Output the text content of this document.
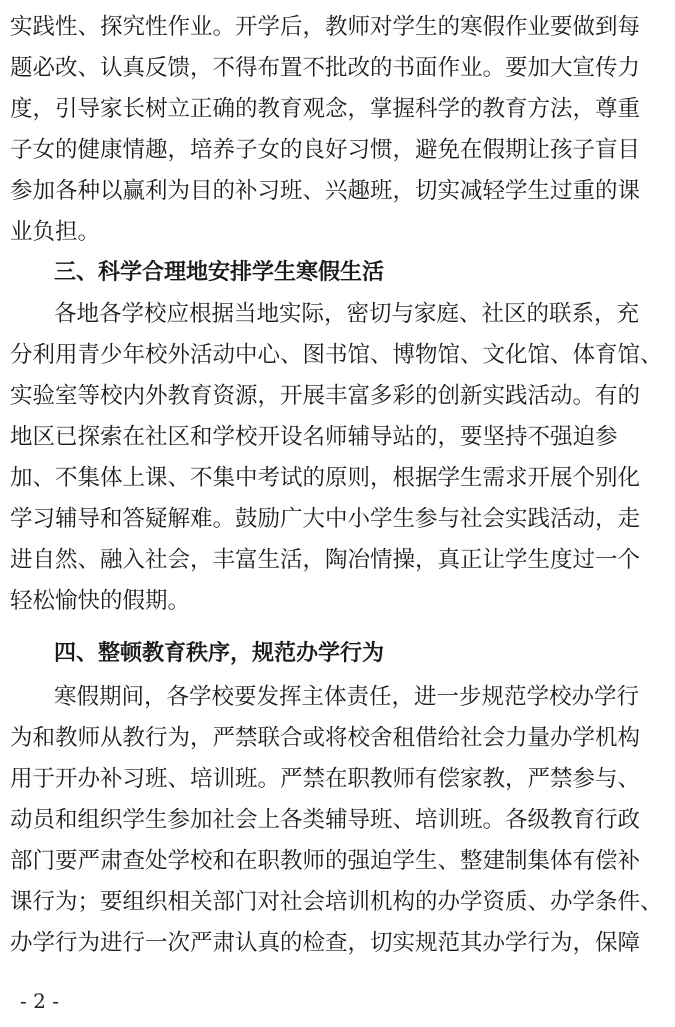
实践性、探究性作业。开学后，教师对学生的寒假作业要做到每
题必改、认真反馈，不得布置不批改的书面作业。要加大宣传力
度，引导家长树立正确的教育观念，掌握科学的教育方法，尊重
子女的健康情趣，培养子女的良好习惯，避免在假期让孩子盲目
参加各种以赢利为目的补习班、兴趣班，切实减轻学生过重的课
业负担。
三、科学合理地安排学生寒假生活
各地各学校应根据当地实际，密切与家庭、社区的联系，充
分利用青少年校外活动中心、图书馆、博物馆、文化馆、体育馆、
实验室等校内外教育资源，开展丰富多彩的创新实践活动。有的
地区已探索在社区和学校开设名师辅导站的，要坚持不强迫参
加、不集体上课、不集中考试的原则，根据学生需求开展个别化
学习辅导和答疑解难。鼓励广大中小学生参与社会实践活动，走
进自然、融入社会，丰富生活，陶冶情操，真正让学生度过一个
轻松愉快的假期。
四、整顿教育秩序，规范办学行为
寒假期间，各学校要发挥主体责任，进一步规范学校办学行
为和教师从教行为，严禁联合或将校舍租借给社会力量办学机构
用于开办补习班、培训班。严禁在职教师有偿家教，严禁参与、
动员和组织学生参加社会上各类辅导班、培训班。各级教育行政
部门要严肃查处学校和在职教师的强迫学生、整建制集体有偿补
课行为；要组织相关部门对社会培训机构的办学资质、办学条件、
办学行为进行一次严肃认真的检查，切实规范其办学行为，保障
- 2 -
